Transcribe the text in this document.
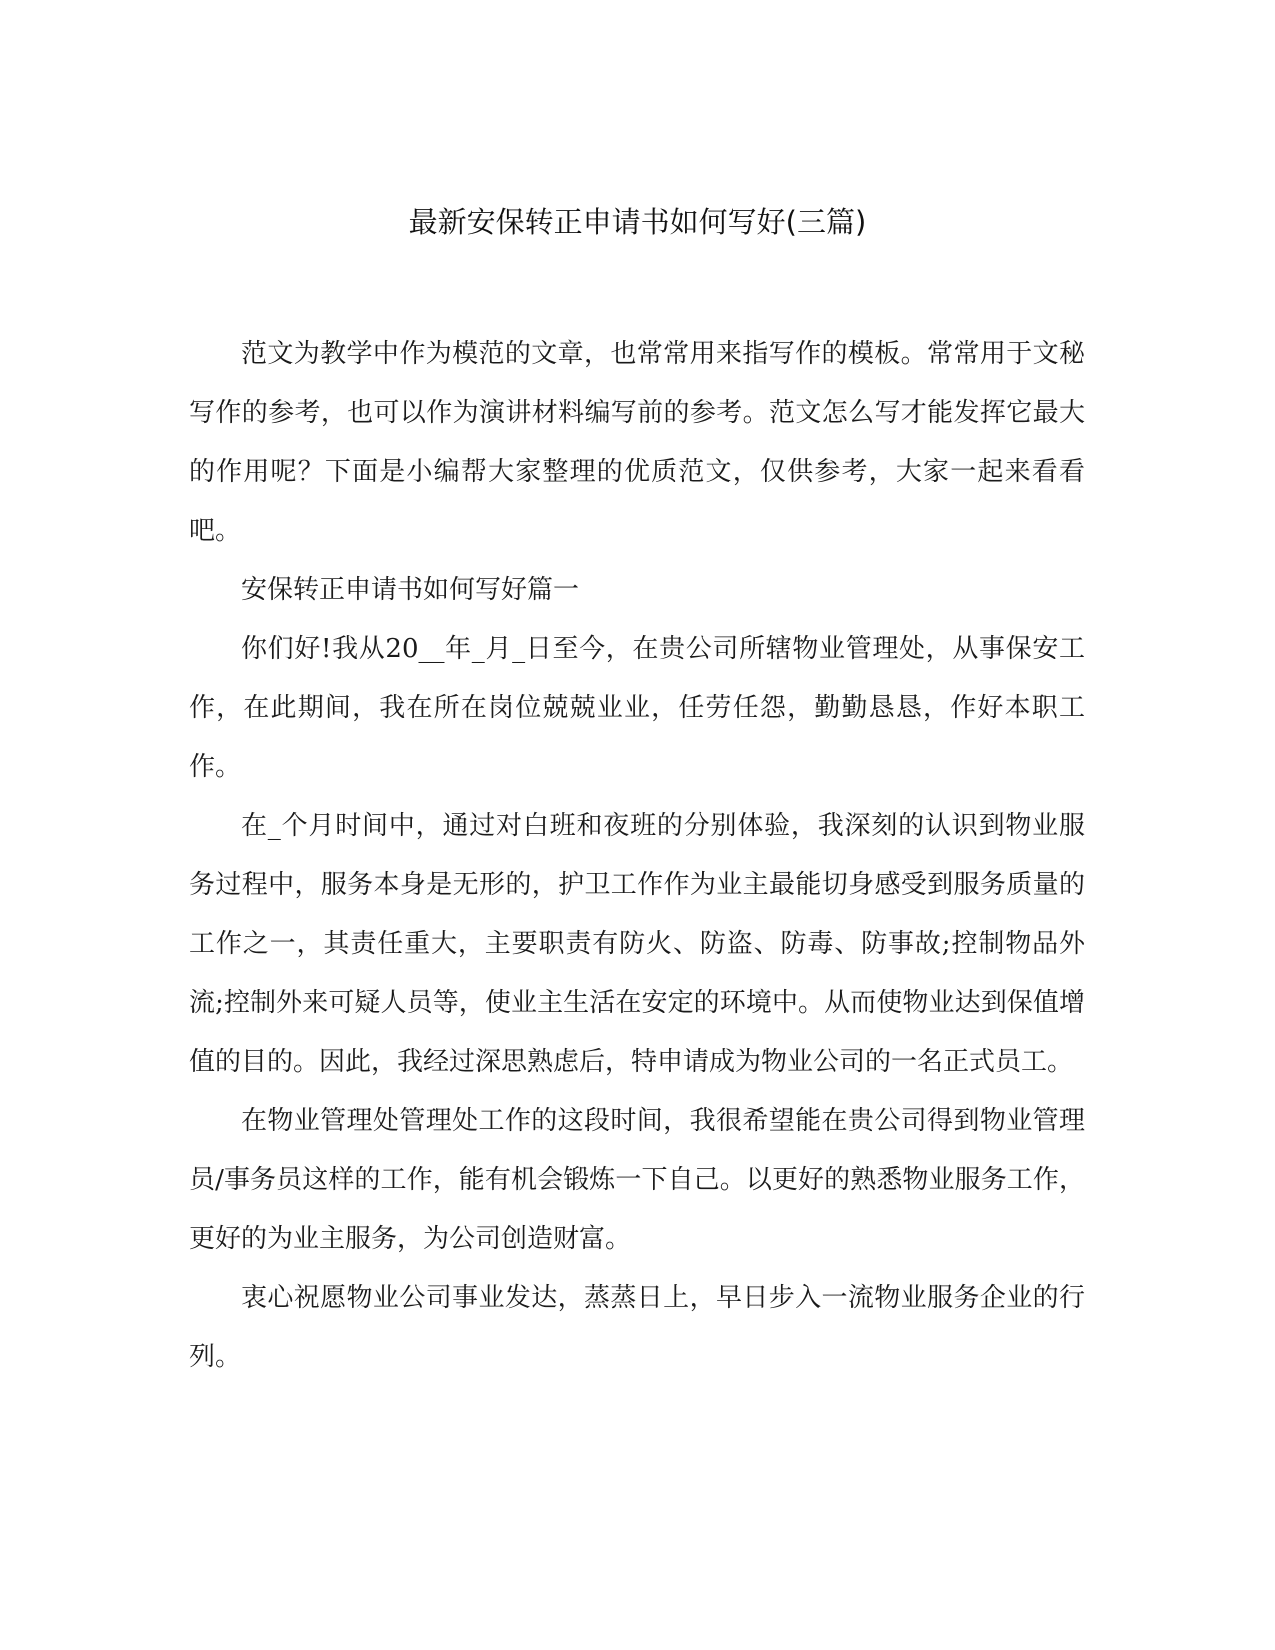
最新安保转正申请书如何写好(三篇)

范文为教学中作为模范的文章，也常常用来指写作的模板。常常用于文秘写作的参考，也可以作为演讲材料编写前的参考。范文怎么写才能发挥它最大的作用呢？下面是小编帮大家整理的优质范文，仅供参考，大家一起来看看吧。

安保转正申请书如何写好篇一

你们好!我从20__年_月_日至今，在贵公司所辖物业管理处，从事保安工作，在此期间，我在所在岗位兢兢业业，任劳任怨，勤勤恳恳，作好本职工作。

在_个月时间中，通过对白班和夜班的分别体验，我深刻的认识到物业服务过程中，服务本身是无形的，护卫工作作为业主最能切身感受到服务质量的工作之一，其责任重大，主要职责有防火、防盗、防毒、防事故;控制物品外流;控制外来可疑人员等，使业主生活在安定的环境中。从而使物业达到保值增值的目的。因此，我经过深思熟虑后，特申请成为物业公司的一名正式员工。

在物业管理处管理处工作的这段时间，我很希望能在贵公司得到物业管理员/事务员这样的工作，能有机会锻炼一下自己。以更好的熟悉物业服务工作，更好的为业主服务，为公司创造财富。

衷心祝愿物业公司事业发达，蒸蒸日上，早日步入一流物业服务企业的行列。
